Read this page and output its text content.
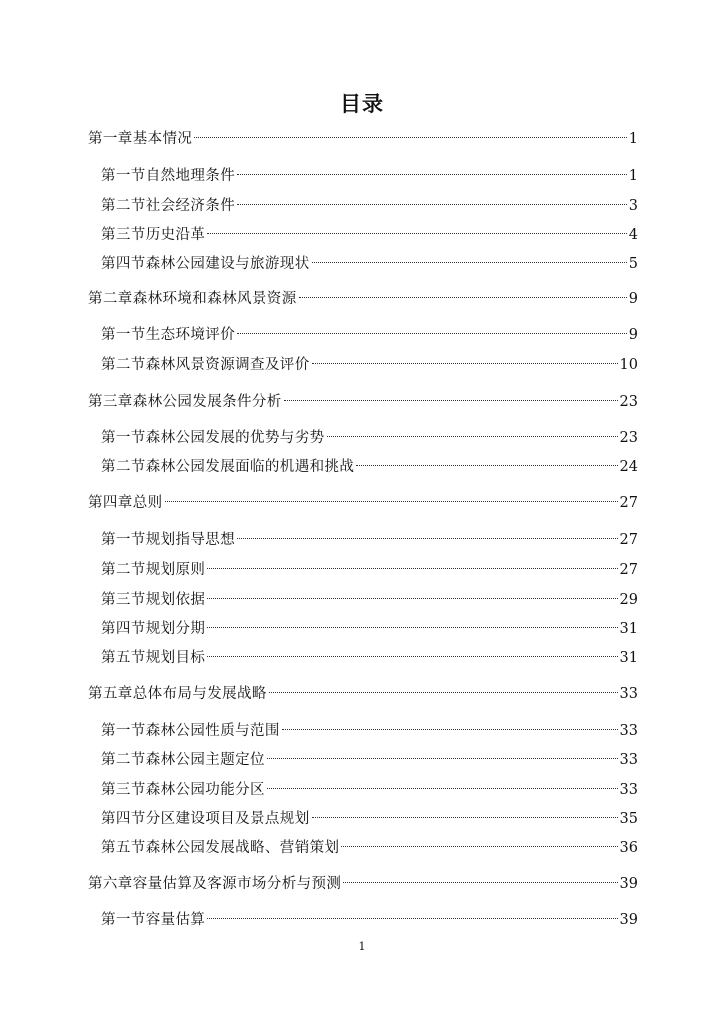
目录
第一章基本情况	1
第一节自然地理条件	1
第二节社会经济条件	3
第三节历史沿革	4
第四节森林公园建设与旅游现状	5
第二章森林环境和森林风景资源	9
第一节生态环境评价	9
第二节森林风景资源调查及评价	10
第三章森林公园发展条件分析	23
第一节森林公园发展的优势与劣势	23
第二节森林公园发展面临的机遇和挑战	24
第四章总则	27
第一节规划指导思想	27
第二节规划原则	27
第三节规划依据	29
第四节规划分期	31
第五节规划目标	31
第五章总体布局与发展战略	33
第一节森林公园性质与范围	33
第二节森林公园主题定位	33
第三节森林公园功能分区	33
第四节分区建设项目及景点规划	35
第五节森林公园发展战略、营销策划	36
第六章容量估算及客源市场分析与预测	39
第一节容量估算	39
1
